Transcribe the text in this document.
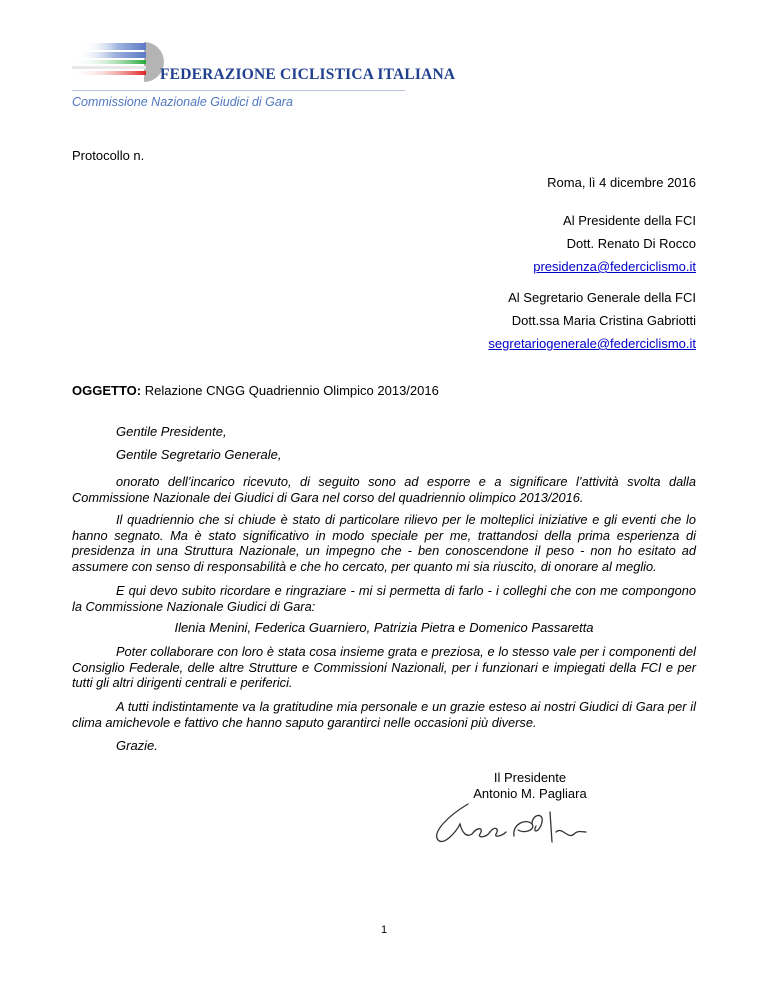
FEDERAZIONE CICLISTICA ITALIANA
Commissione Nazionale Giudici di Gara
Protocollo n.
Roma, lì 4 dicembre 2016
Al Presidente della FCI
Dott. Renato Di Rocco
presidenza@federciclismo.it
Al Segretario Generale della FCI
Dott.ssa Maria Cristina Gabriotti
segretariogenerale@federciclismo.it
OGGETTO: Relazione CNGG Quadriennio Olimpico 2013/2016
Gentile Presidente,
Gentile Segretario Generale,
onorato dell’incarico ricevuto, di seguito sono ad esporre e a significare l’attività svolta dalla Commissione Nazionale dei Giudici di Gara nel corso del quadriennio olimpico 2013/2016.
Il quadriennio che si chiude è stato di particolare rilievo per le molteplici iniziative e gli eventi che lo hanno segnato. Ma è stato significativo in modo speciale per me, trattandosi della prima esperienza di presidenza in una Struttura Nazionale, un impegno che - ben conoscendone il peso - non ho esitato ad assumere con senso di responsabilità e che ho cercato, per quanto mi sia riuscito, di onorare al meglio.
E qui devo subito ricordare e ringraziare - mi si permetta di farlo - i colleghi che con me compongono la Commissione Nazionale Giudici di Gara:
Ilenia Menini, Federica Guarniero, Patrizia Pietra e Domenico Passaretta
Poter collaborare con loro è stata cosa insieme grata e preziosa, e lo stesso vale per i componenti del Consiglio Federale, delle altre Strutture e Commissioni Nazionali, per i funzionari e impiegati della FCI e per tutti gli altri dirigenti centrali e periferici.
A tutti indistintamente va la gratitudine mia personale e un grazie esteso ai nostri Giudici di Gara per il clima amichevole e fattivo che hanno saputo garantirci nelle occasioni più diverse.
Grazie.
Il Presidente
Antonio M. Pagliara
1
